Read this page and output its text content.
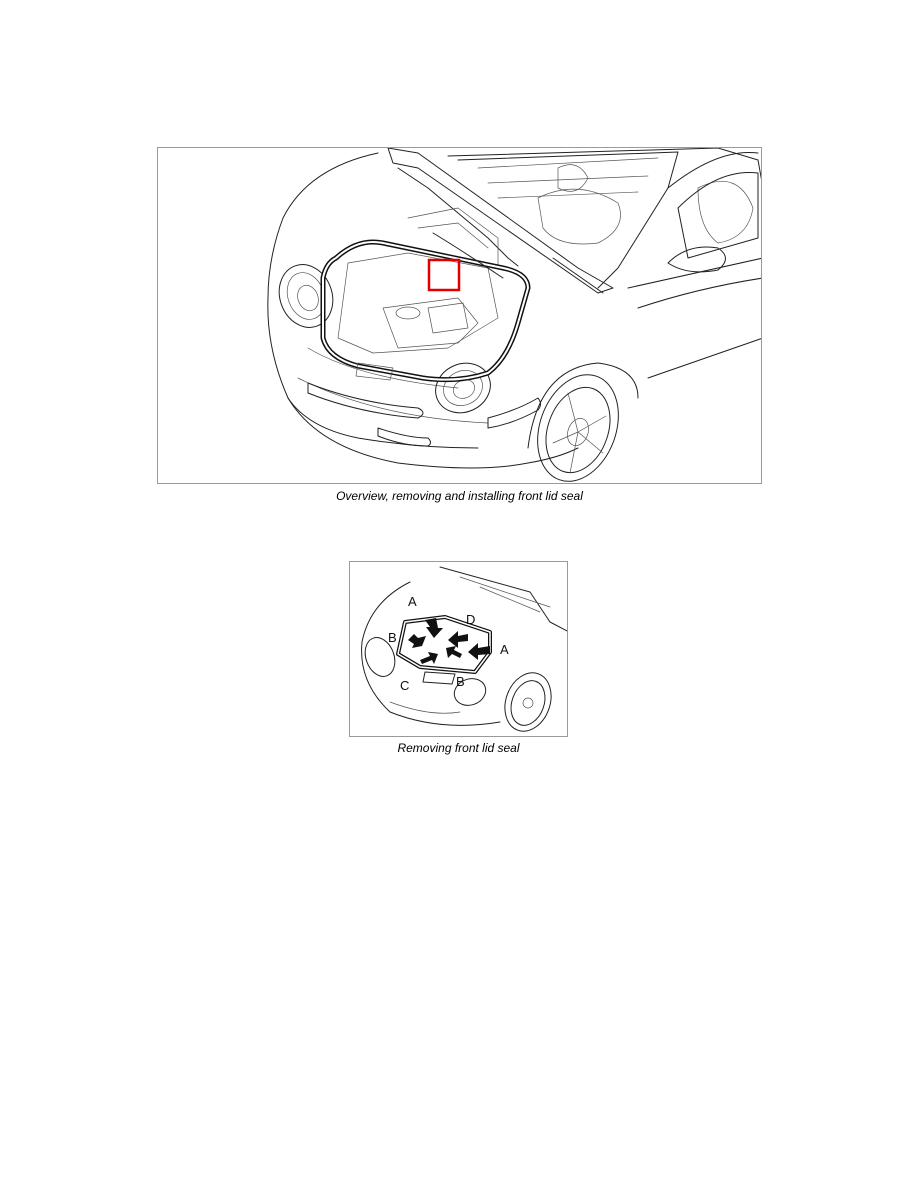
Overview, removing and installing front lid seal
A
D
B
A
C	B
Removing front lid seal
